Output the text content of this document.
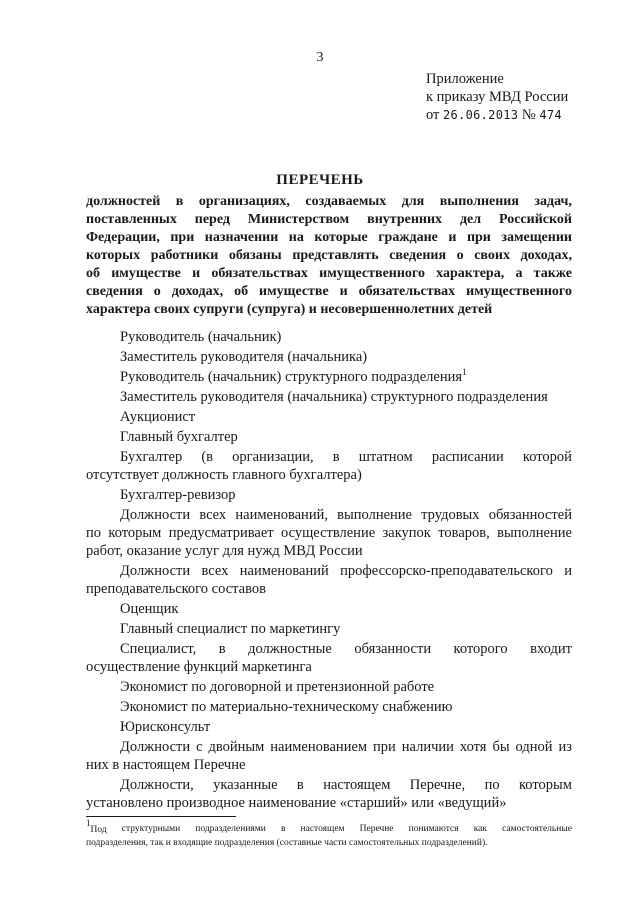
3
Приложение
к приказу МВД России
от 26.06.2013 № 474
ПЕРЕЧЕНЬ
должностей в организациях, создаваемых для выполнения задач,
поставленных перед Министерством внутренних дел Российской
Федерации, при назначении на которые граждане и при замещении
которых работники обязаны представлять сведения о своих доходах,
об имуществе и обязательствах имущественного характера, а также
сведения о доходах, об имуществе и обязательствах имущественного
характера своих супруги (супруга) и несовершеннолетних детей
Руководитель (начальник)
Заместитель руководителя (начальника)
Руководитель (начальник) структурного подразделения$^1$
Заместитель руководителя (начальника) структурного подразделения
Аукционист
Главный бухгалтер
Бухгалтер (в организации, в штатном расписании которой
отсутствует должность главного бухгалтера)
Бухгалтер-ревизор
Должности всех наименований, выполнение трудовых обязанностей
по которым предусматривает осуществление закупок товаров, выполнение
работ, оказание услуг для нужд МВД России
Должности всех наименований профессорско-преподавательского и
преподавательского составов
Оценщик
Главный специалист по маркетингу
Специалист, в должностные обязанности которого входит
осуществление функций маркетинга
Экономист по договорной и претензионной работе
Экономист по материально-техническому снабжению
Юрисконсульт
Должности с двойным наименованием при наличии хотя бы одной из
них в настоящем Перечне
Должности, указанные в настоящем Перечне, по которым
установлено производное наименование «старший» или «ведущий»
$^1$Под структурными подразделениями в настоящем Перечне понимаются как самостоятельные
подразделения, так и входящие подразделения (составные части самостоятельных подразделений).
